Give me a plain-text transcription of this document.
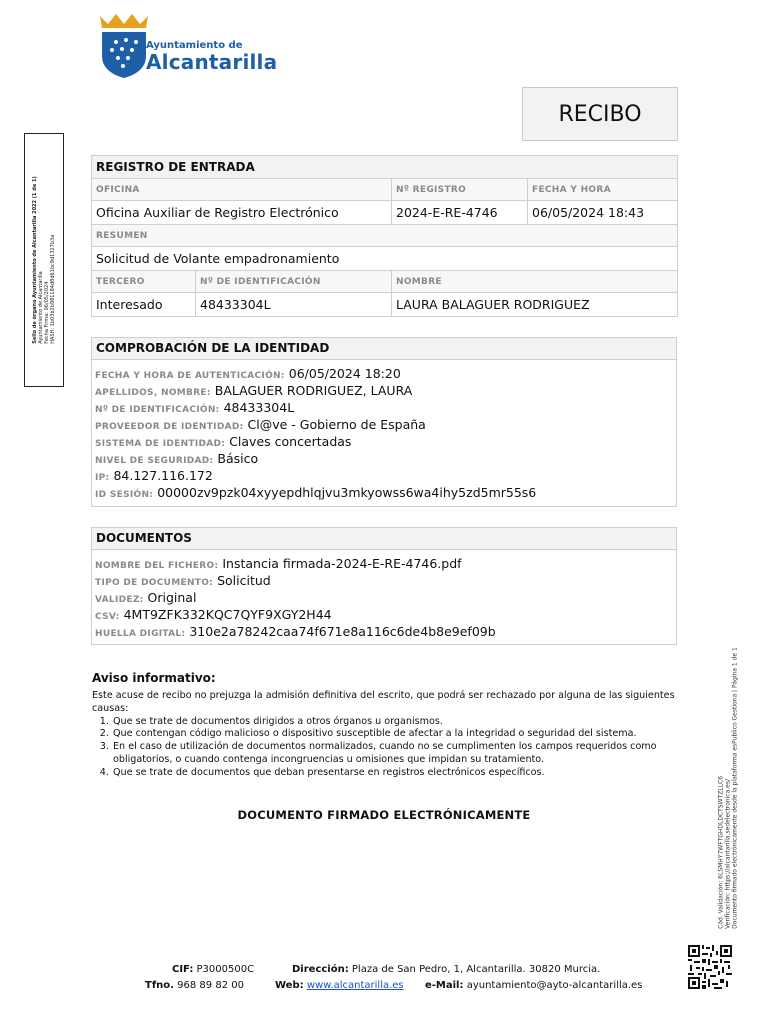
Ayuntamiento de
Alcantarilla
RECIBO
Sello de órgano Ayuntamiento de Alcantarilla 2022 (1 de 1) Ayuntamiento de Alcantarilla Fecha Firma: 06/05/2024 HASH: 1b03b2b981184d8d61bc9d1327b3a
REGISTRO DE ENTRADA			
OFICINA		Nº REGISTRO	FECHA Y HORA
Oficina Auxiliar de Registro Electrónico		2024-E-RE-4746	06/05/2024 18:43
RESUMEN			
Solicitud de Volante empadronamiento			
TERCERO	Nº DE IDENTIFICACIÓN	NOMBRE	
Interesado	48433304L	LAURA BALAGUER RODRIGUEZ	
COMPROBACIÓN DE LA IDENTIDAD
FECHA Y HORA DE AUTENTICACIÓN: 06/05/2024 18:20
APELLIDOS, NOMBRE: BALAGUER RODRIGUEZ, LAURA
Nº DE IDENTIFICACIÓN: 48433304L
PROVEEDOR DE IDENTIDAD: Cl@ve - Gobierno de España
SISTEMA DE IDENTIDAD: Claves concertadas
NIVEL DE SEGURIDAD: Básico
IP: 84.127.116.172
ID SESIÓN: 00000zv9pzk04xyyepdhlqjvu3mkyowss6wa4ihy5zd5mr55s6
DOCUMENTOS
NOMBRE DEL FICHERO: Instancia firmada-2024-E-RE-4746.pdf
TIPO DE DOCUMENTO: Solicitud
VALIDEZ: Original
CSV: 4MT9ZFK332KQC7QYF9XGY2H44
HUELLA DIGITAL: 310e2a78242caa74f671e8a116c6de4b8e9ef09b
Aviso informativo:
Este acuse de recibo no prejuzga la admisión definitiva del escrito, que podrá ser rechazado por alguna de las siguientes causas:
1. Que se trate de documentos dirigidos a otros órganos u organismos.
2. Que contengan código malicioso o dispositivo susceptible de afectar a la integridad o seguridad del sistema.
3. En el caso de utilización de documentos normalizados, cuando no se cumplimenten los campos requeridos como obligatorios, o cuando contenga incongruencias u omisiones que impidan su tratamiento.
4. Que se trate de documentos que deban presentarse en registros electrónicos específicos.
DOCUMENTO FIRMADO ELECTRÓNICAMENTE	Cód. Validación: 6LSMHY7WFTGHDLDCTSWTZLLC6 Verificación: https://alcantarilla.sedelectronica.es/ Documento firmado electrónicamente desde la plataforma esPublico Gestiona | Página 1 de 1
CIF: P3000500C	Dirección: Plaza de San Pedro, 1, Alcantarilla. 30820 Murcia.
Tfno. 968 89 82 00	Web: www.alcantarilla.es e-Mail: ayuntamiento@ayto-alcantarilla.es
